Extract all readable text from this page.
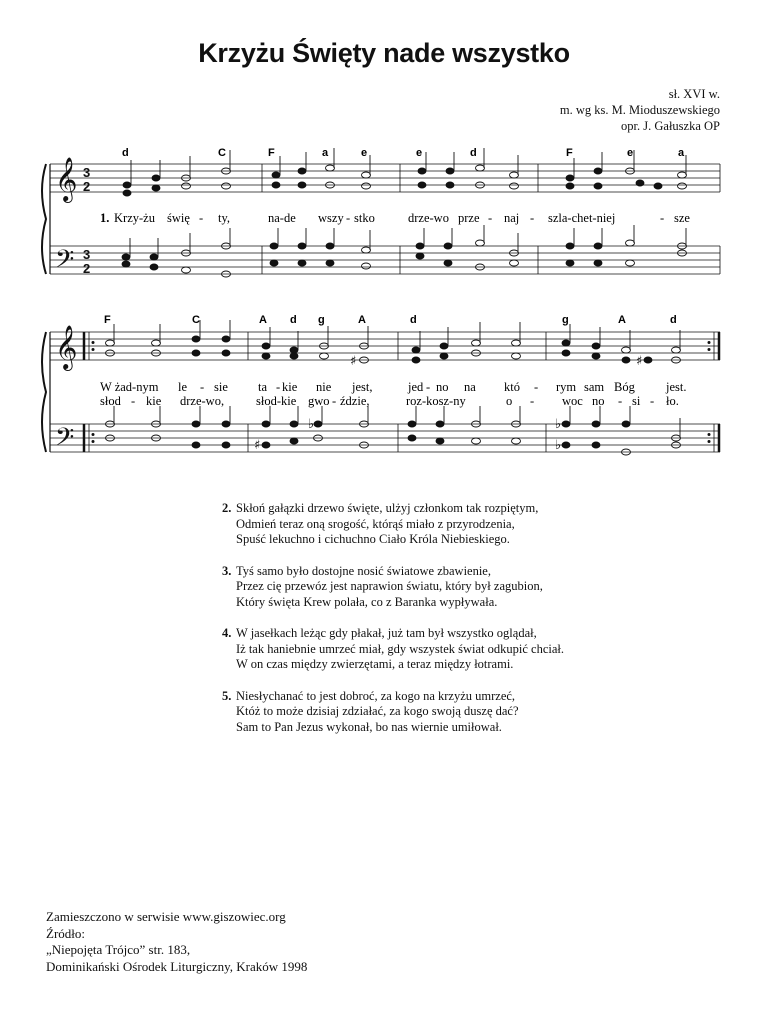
Krzyżu Święty nade wszystko
sł. XVI w.
m. wg ks. M. Mioduszewskiego
opr. J. Gałuszka OP
𝄞
𝄢
3
2
3
2
d	C	F	a	e	e	d	F	e	a
1. Krzy-żu świę - ty,	na-de wszy - stko	drze-wo prze - naj - szla-chet-niej	- sze
𝄞
𝄢
F	C	A d g	A	d	g	A	d
♯	♯
W żad-nym le - sie ta - kie nie jest,	jed - no na któ - rym sam Bóg jest.
słod - kie drze-wo,	słod-kie gwo - ździe,	roz-kosz-ny	o - woc no - si - ło.
♯
♭	♭
♭
2. Skłoń gałązki drzewo święte, ulżyj członkom tak rozpiętym,
Odmień teraz oną srogość, którąś miało z przyrodzenia,
Spuść lekuchno i cichuchno Ciało Króla Niebieskiego.
3. Tyś samo było dostojne nosić światowe zbawienie,
Przez cię przewóz jest naprawion światu, który był zagubion,
Który święta Krew polała, co z Baranka wypływała.
4. W jasełkach leżąc gdy płakał, już tam był wszystko oglądał,
Iż tak haniebnie umrzeć miał, gdy wszystek świat odkupić chciał.
W on czas między zwierzętami, a teraz między łotrami.
5. Niesłychanać to jest dobroć, za kogo na krzyżu umrzeć,
Któż to może dzisiaj zdziałać, za kogo swoją duszę dać?
Sam to Pan Jezus wykonał, bo nas wiernie umiłował.
Zamieszczono w serwisie www.giszowiec.org
Źródło:
„Niepojęta Trójco” str. 183,
Dominikański Ośrodek Liturgiczny, Kraków 1998
